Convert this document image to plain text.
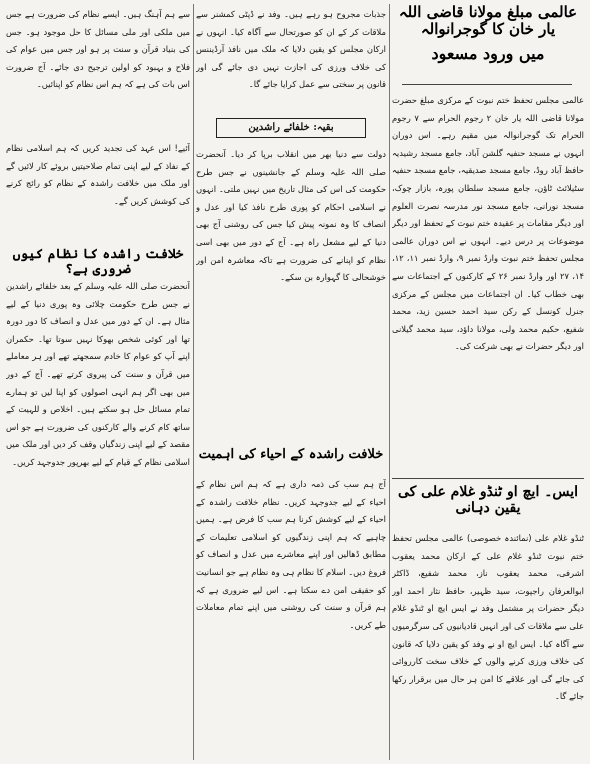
عالمی مبلغ مولانا قاضی اللہ یار خان کا گوجرانوالہ
میں ورود مسعود

عالمی مجلس تحفظ ختم نبوت کے مرکزی مبلغ حضرت مولانا قاضی اللہ یار خان ۲ رجوم الحرام سے ۷ رجوم الحرام تک گوجرانوالہ میں مقیم رہے۔ اس دوران انہوں نے مسجد حنفیہ گلشن آباد، جامع مسجد رشیدیہ حافظ آباد روڈ، جامع مسجد صدیقیہ، جامع مسجد حنفیہ سٹیلائٹ ٹاؤن، جامع مسجد سلطان پورہ، بازار چوک، مسجد نورانی، جامع مسجد نور مدرسہ نصرت العلوم اور دیگر مقامات پر عقیدہ ختم نبوت کے تحفظ اور دیگر موضوعات پر درس دیے۔ انہوں نے اس دوران عالمی مجلس تحفظ ختم نبوت وارڈ نمبر ۹، وارڈ نمبر ۱۱، ۱۲، ۱۴، ۲۷ اور وارڈ نمبر ۲۶ کے کارکنوں کے اجتماعات سے بھی خطاب کیا۔ ان اجتماعات میں مجلس کے مرکزی جنرل کونسل کے رکن سید احمد حسین زید، محمد شفیع، حکیم محمد ولی، مولانا داؤد، سید محمد گیلانی اور دیگر حضرات نے بھی شرکت کی۔

ایس۔ ایچ او ٹنڈو غلام علی کی یقین دہانی

ٹنڈو غلام علی (نمائندہ خصوصی) عالمی مجلس تحفظ ختم نبوت ٹنڈو غلام علی کے ارکان محمد یعقوب اشرفی، محمد یعقوب ناز، محمد شفیع، ڈاکٹر ابوالعرفان راجپوت، سید ظہیر، حافظ نثار احمد اور دیگر حضرات پر مشتمل وفد نے ایس ایچ او ٹنڈو غلام علی سے ملاقات کی اور انہیں قادیانیوں کی سرگرمیوں سے آگاہ کیا۔ ایس ایچ او نے وفد کو یقین دلایا کہ قانون کی خلاف ورزی کرنے والوں کے خلاف سخت کارروائی کی جائے گی اور علاقے کا امن ہر حال میں برقرار رکھا جائے گا۔

جذبات مجروح ہو رہے ہیں۔ وفد نے ڈپٹی کمشنر سے ملاقات کر کے ان کو صورتحال سے آگاہ کیا۔ انہوں نے ارکان مجلس کو یقین دلایا کہ ملک میں نافذ آرڈیننس کی خلاف ورزی کی اجازت نہیں دی جائے گی اور قانون پر سختی سے عمل کرایا جائے گا۔

بقیہ: خلفائے راشدین

دولت سے دنیا بھر میں انقلاب برپا کر دیا۔ آنحضرت صلی اللہ علیہ وسلم کے جانشینوں نے جس طرح حکومت کی اس کی مثال تاریخ میں نہیں ملتی۔ انہوں نے اسلامی احکام کو پوری طرح نافذ کیا اور عدل و انصاف کا وہ نمونہ پیش کیا جس کی روشنی آج بھی دنیا کے لیے مشعل راہ ہے۔ آج کے دور میں بھی اسی نظام کو اپنانے کی ضرورت ہے تاکہ معاشرہ امن اور خوشحالی کا گہوارہ بن سکے۔

خلافت راشدہ کے احیاء کی اہمیت

آج ہم سب کی ذمہ داری ہے کہ ہم اس نظام کے احیاء کے لیے جدوجہد کریں۔ نظام خلافت راشدہ کے احیاء کے لیے کوشش کرنا ہم سب کا فرض ہے۔ ہمیں چاہیے کہ ہم اپنی زندگیوں کو اسلامی تعلیمات کے مطابق ڈھالیں اور اپنے معاشرے میں عدل و انصاف کو فروغ دیں۔ اسلام کا نظام ہی وہ نظام ہے جو انسانیت کو حقیقی امن دے سکتا ہے۔ اس لیے ضروری ہے کہ ہم قرآن و سنت کی روشنی میں اپنے تمام معاملات طے کریں۔

سے ہم آہنگ ہیں۔ ایسے نظام کی ضرورت ہے جس میں ملکی اور ملی مسائل کا حل موجود ہو۔ جس کی بنیاد قرآن و سنت پر ہو اور جس میں عوام کی فلاح و بہبود کو اولین ترجیح دی جائے۔ آج ضرورت اس بات کی ہے کہ ہم اس نظام کو اپنائیں۔

آئیے! اس عہد کی تجدید کریں کہ ہم اسلامی نظام کے نفاذ کے لیے اپنی تمام صلاحیتیں بروئے کار لائیں گے اور ملک میں خلافت راشدہ کے نظام کو رائج کرنے کی کوشش کریں گے۔

خلافت راشدہ کا نظام کیوں ضروری ہے؟

آنحضرت صلی اللہ علیہ وسلم کے بعد خلفائے راشدین نے جس طرح حکومت چلائی وہ پوری دنیا کے لیے مثال ہے۔ ان کے دور میں عدل و انصاف کا دور دورہ تھا اور کوئی شخص بھوکا نہیں سوتا تھا۔ حکمران اپنے آپ کو عوام کا خادم سمجھتے تھے اور ہر معاملے میں قرآن و سنت کی پیروی کرتے تھے۔ آج کے دور میں بھی اگر ہم انہی اصولوں کو اپنا لیں تو ہمارے تمام مسائل حل ہو سکتے ہیں۔ اخلاص و للہیت کے ساتھ کام کرنے والے کارکنوں کی ضرورت ہے جو اس مقصد کے لیے اپنی زندگیاں وقف کر دیں اور ملک میں اسلامی نظام کے قیام کے لیے بھرپور جدوجہد کریں۔
